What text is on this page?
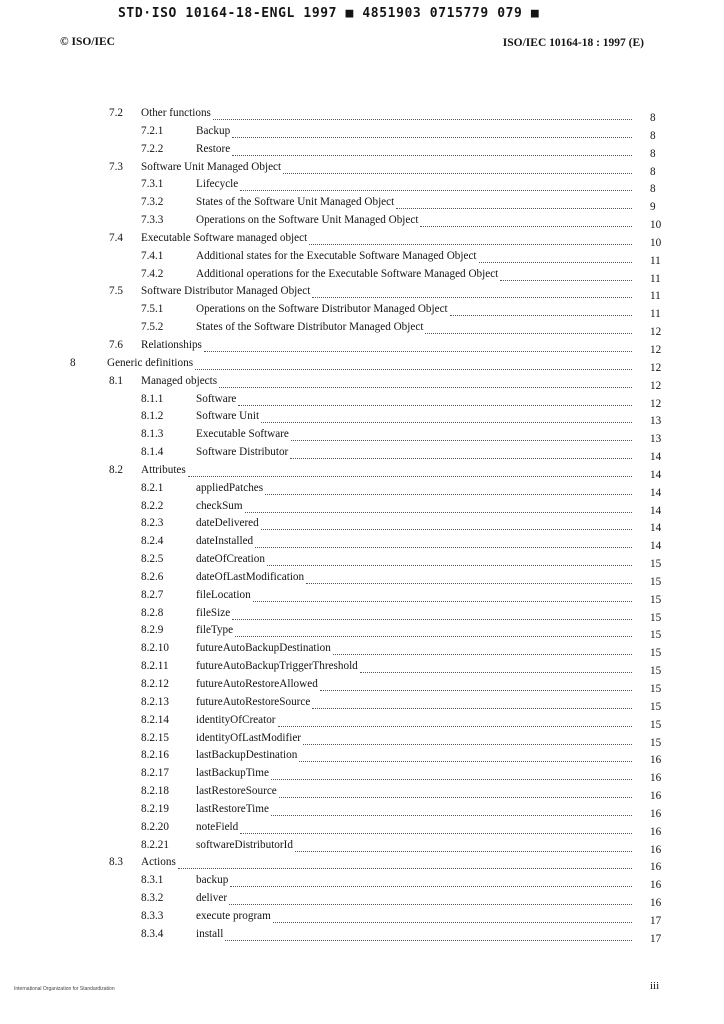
STD·ISO 10164-18-ENGL 1997 ■ 4851903 0715779 079 ■
© ISO/IEC	ISO/IEC 10164-18 : 1997 (E)
7.2 Other functions	8
7.2.1	Backup	8
7.2.2	Restore	8
7.3 Software Unit Managed Object	8
7.3.1	Lifecycle	8
7.3.2	States of the Software Unit Managed Object	9
7.3.3	Operations on the Software Unit Managed Object	10
7.4 Executable Software managed object	10
7.4.1	Additional states for the Executable Software Managed Object	11
7.4.2	Additional operations for the Executable Software Managed Object	11
7.5 Software Distributor Managed Object	11
7.5.1	Operations on the Software Distributor Managed Object	11
7.5.2	States of the Software Distributor Managed Object	12
7.6 Relationships	12
8	Generic definitions	12
8.1 Managed objects	12
8.1.1	Software	12
8.1.2	Software Unit	13
8.1.3	Executable Software	13
8.1.4	Software Distributor	14
8.2 Attributes	14
8.2.1	appliedPatches	14
8.2.2	checkSum	14
8.2.3	dateDelivered	14
8.2.4	dateInstalled	14
8.2.5	dateOfCreation	15
8.2.6	dateOfLastModification	15
8.2.7	fileLocation	15
8.2.8	fileSize	15
8.2.9	fileType	15
8.2.10 futureAutoBackupDestination	15
8.2.11 futureAutoBackupTriggerThreshold	15
8.2.12 futureAutoRestoreAllowed	15
8.2.13 futureAutoRestoreSource	15
8.2.14 identityOfCreator	15
8.2.15 identityOfLastModifier	15
8.2.16 lastBackupDestination	16
8.2.17 lastBackupTime	16
8.2.18 lastRestoreSource	16
8.2.19 lastRestoreTime	16
8.2.20 noteField	16
8.2.21 softwareDistributorId	16
8.3 Actions	16
8.3.1	backup	16
8.3.2	deliver	16
8.3.3	execute program	17
8.3.4	install	17
International Organization for Standardization	iii
